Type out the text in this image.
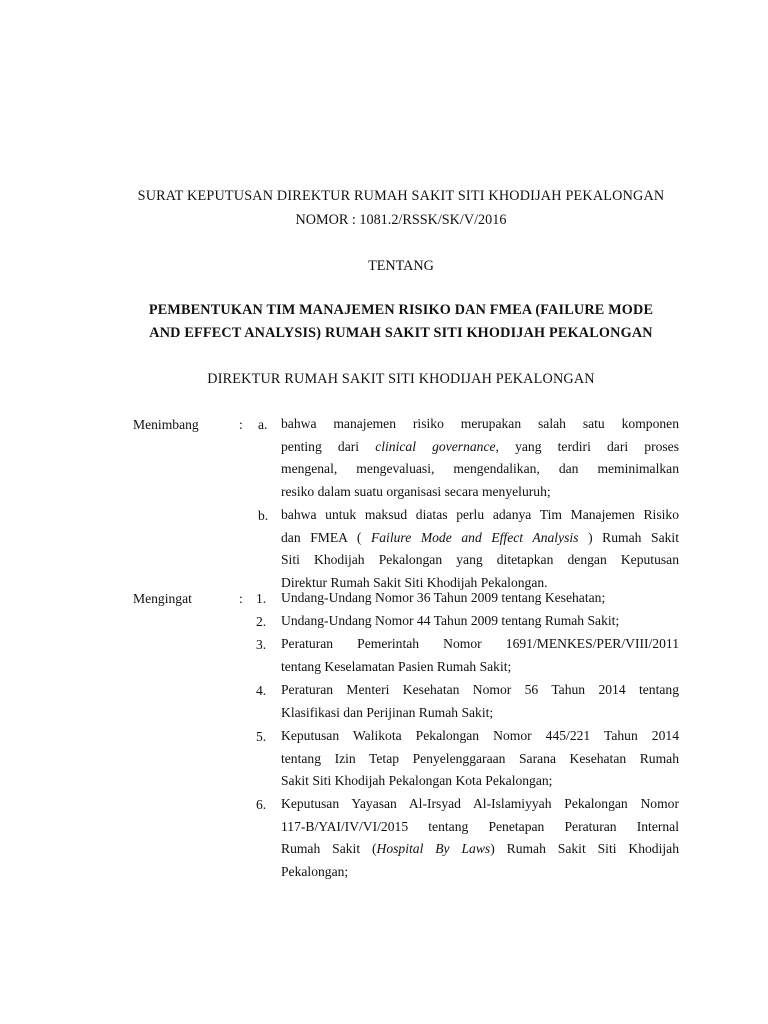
SURAT KEPUTUSAN DIREKTUR RUMAH SAKIT SITI KHODIJAH PEKALONGAN
NOMOR : 1081.2/RSSK/SK/V/2016
TENTANG
PEMBENTUKAN TIM MANAJEMEN RISIKO DAN FMEA (FAILURE MODE
AND EFFECT ANALYSIS) RUMAH SAKIT SITI KHODIJAH PEKALONGAN
DIREKTUR RUMAH SAKIT SITI KHODIJAH PEKALONGAN
Menimbang	: a. bahwa manajemen risiko merupakan salah satu komponen
penting dari clinical governance, yang terdiri dari proses
mengenal, mengevaluasi, mengendalikan, dan meminimalkan
resiko dalam suatu organisasi secara menyeluruh;
b. bahwa untuk maksud diatas perlu adanya Tim Manajemen Risiko
dan FMEA ( Failure Mode and Effect Analysis ) Rumah Sakit
Siti Khodijah Pekalongan yang ditetapkan dengan Keputusan
Direktur Rumah Sakit Siti Khodijah Pekalongan.
Mengingat	: 1. Undang-Undang Nomor 36 Tahun 2009 tentang Kesehatan;
2. Undang-Undang Nomor 44 Tahun 2009 tentang Rumah Sakit;
3. Peraturan Pemerintah Nomor 1691/MENKES/PER/VIII/2011
tentang Keselamatan Pasien Rumah Sakit;
4. Peraturan Menteri Kesehatan Nomor 56 Tahun 2014 tentang
Klasifikasi dan Perijinan Rumah Sakit;
5. Keputusan Walikota Pekalongan Nomor 445/221 Tahun 2014
tentang Izin Tetap Penyelenggaraan Sarana Kesehatan Rumah
Sakit Siti Khodijah Pekalongan Kota Pekalongan;
6. Keputusan Yayasan Al-Irsyad Al-Islamiyyah Pekalongan Nomor
117-B/YAI/IV/VI/2015 tentang Penetapan Peraturan Internal
Rumah Sakit (Hospital By Laws) Rumah Sakit Siti Khodijah
Pekalongan;
